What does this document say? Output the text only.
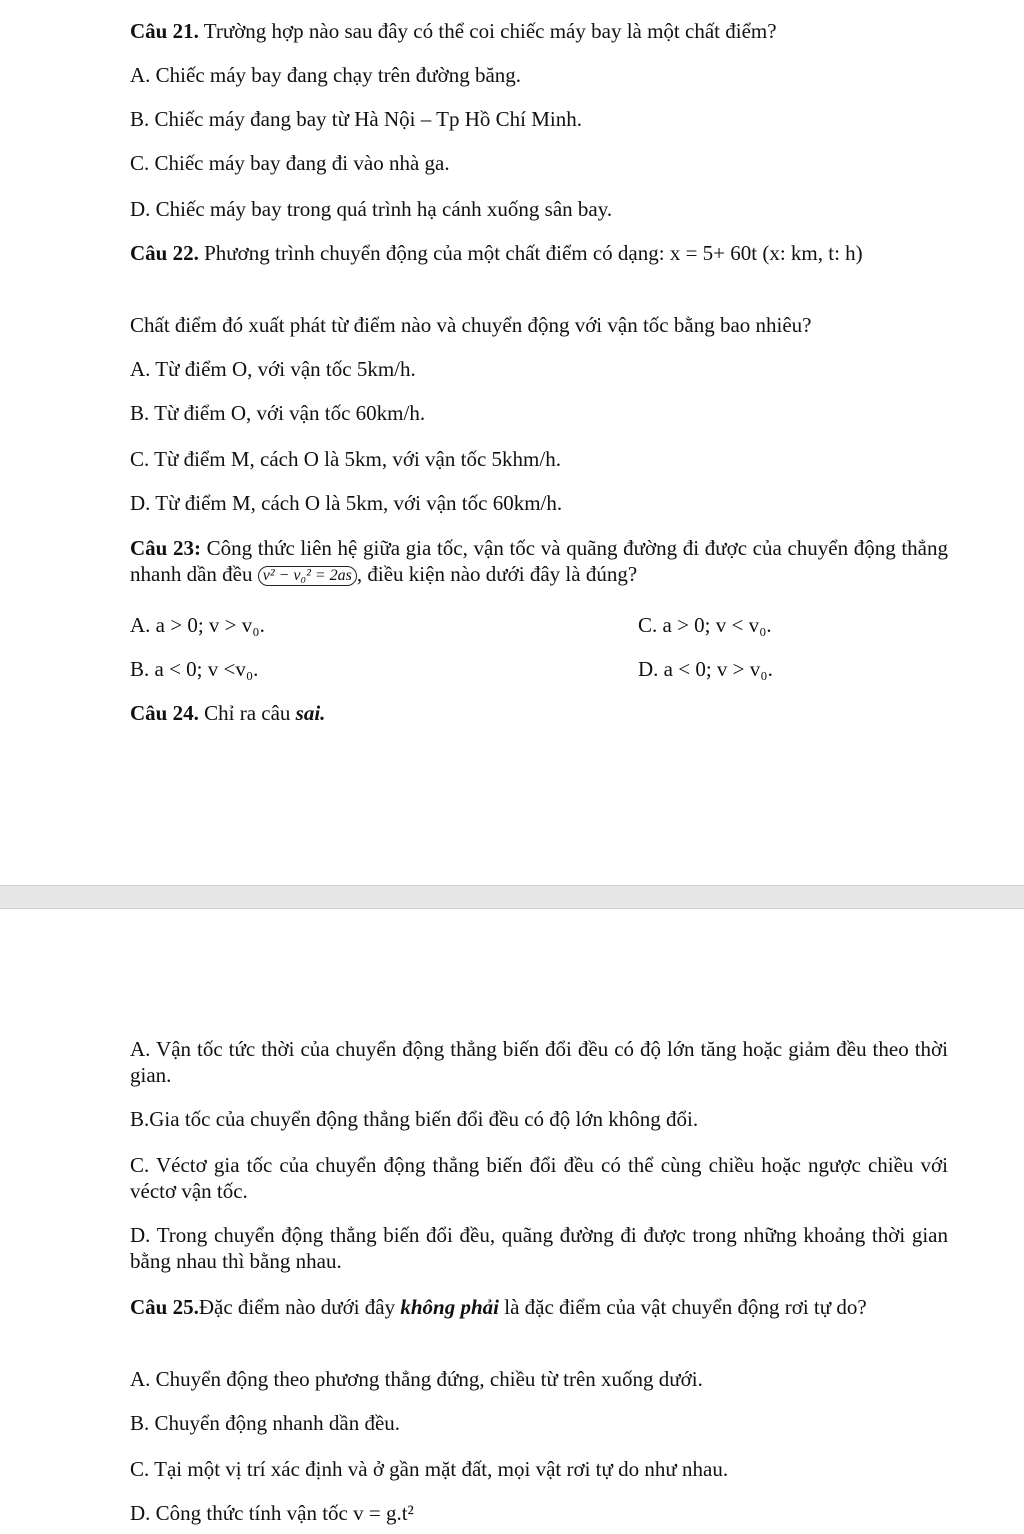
Câu 21. Trường hợp nào sau đây có thể coi chiếc máy bay là một chất điểm?
A. Chiếc máy bay đang chạy trên đường băng.
B. Chiếc máy đang bay từ Hà Nội – Tp Hồ Chí Minh.
C. Chiếc máy bay đang đi vào nhà ga.
D. Chiếc máy bay trong quá trình hạ cánh xuống sân bay.
Câu 22. Phương trình chuyển động của một chất điểm có dạng: x = 5+ 60t (x: km, t: h)
Chất điểm đó xuất phát từ điểm nào và chuyển động với vận tốc bằng bao nhiêu?
A. Từ điểm O, với vận tốc 5km/h.
B. Từ điểm O, với vận tốc 60km/h.
C. Từ điểm M, cách O là 5km, với vận tốc 5khm/h.
D. Từ điểm M, cách O là 5km, với vận tốc 60km/h.
Câu 23: Công thức liên hệ giữa gia tốc, vận tốc và quãng đường đi được của chuyển động thẳng nhanh dần đều v² − v₀² = 2as , điều kiện nào dưới đây là đúng?
A. a > 0; v > v₀.	C. a > 0; v < v₀.
B. a < 0; v <v₀.	D. a < 0; v > v₀.
Câu 24. Chỉ ra câu sai.
A. Vận tốc tức thời của chuyển động thẳng biến đổi đều có độ lớn tăng hoặc giảm đều theo thời gian.
B.Gia tốc của chuyển động thẳng biến đổi đều có độ lớn không đổi.
C. Véctơ gia tốc của chuyển động thẳng biến đổi đều có thể cùng chiều hoặc ngược chiều với véctơ vận tốc.
D. Trong chuyển động thẳng biến đổi đều, quãng đường đi được trong những khoảng thời gian bằng nhau thì bằng nhau.
Câu 25.Đặc điểm nào dưới đây không phải là đặc điểm của vật chuyển động rơi tự do?
A. Chuyển động theo phương thẳng đứng, chiều từ trên xuống dưới.
B. Chuyển động nhanh dần đều.
C. Tại một vị trí xác định và ở gần mặt đất, mọi vật rơi tự do như nhau.
D. Công thức tính vận tốc v = g.t²
